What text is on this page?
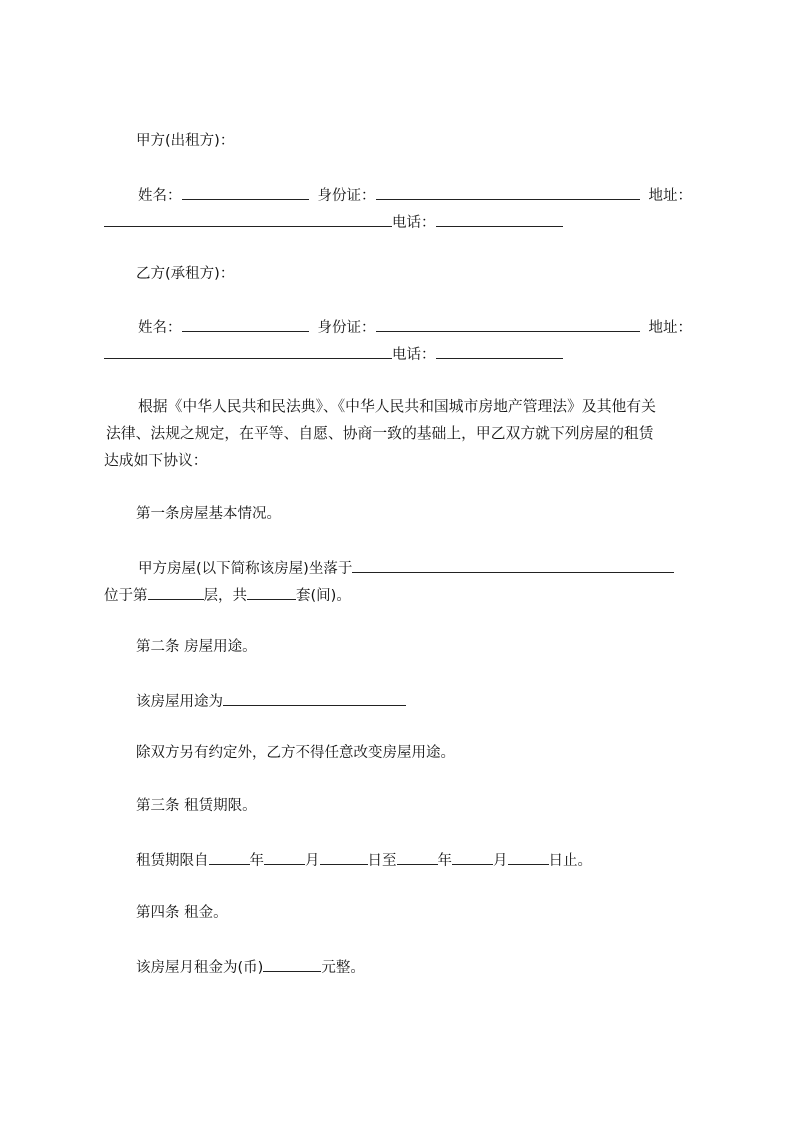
甲方(出租方)：
姓名：	身份证：	地址：
电话：
乙方(承租方)：
姓名：	身份证：	地址：
电话：
根据《中华人民共和民法典》、《中华人民共和国城市房地产管理法》及其他有关
法律、法规之规定，在平等、自愿、协商一致的基础上，甲乙双方就下列房屋的租赁
达成如下协议：
第一条房屋基本情况。
甲方房屋(以下简称该房屋)坐落于
位于第	层，共	套(间)。
第二条 房屋用途。
该房屋用途为
除双方另有约定外，乙方不得任意改变房屋用途。
第三条 租赁期限。
租赁期限自	年	月	日至	年	月	日止。
第四条 租金。
该房屋月租金为(币)	元整。
